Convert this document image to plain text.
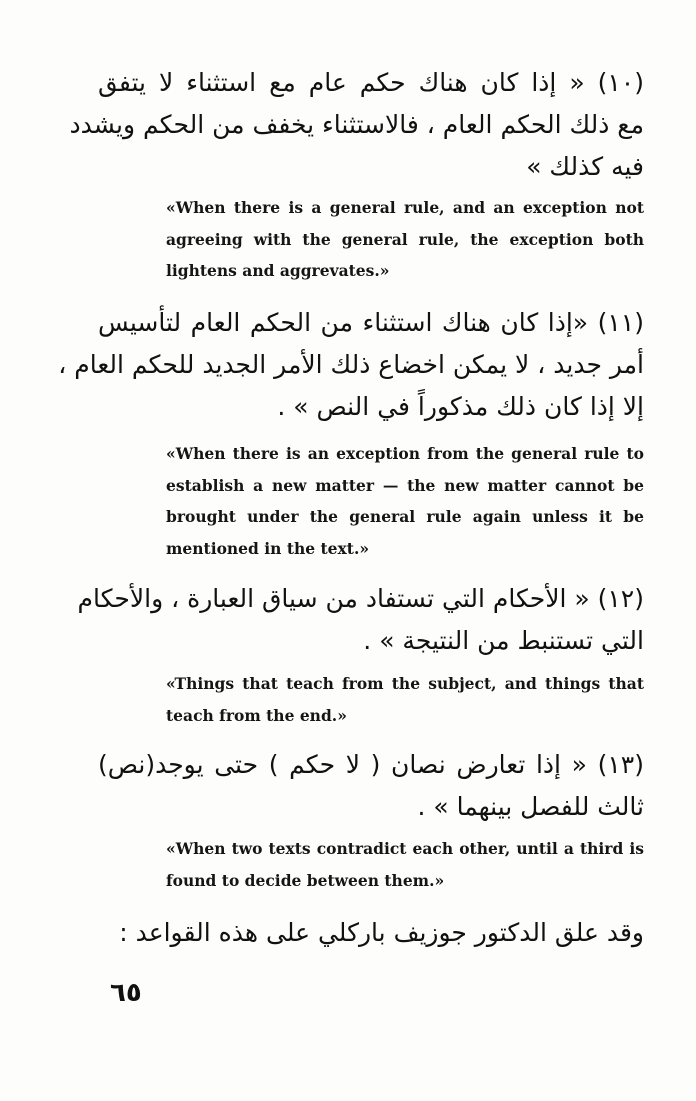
(١٠) « إذا كان هناك حكم عام مع استثناء لا يتفق
مع ذلك الحكم العام ، فالاستثناء يخفف من الحكم ويشدد
فيه كذلك »
«When there is a general rule, and an exception not agreeing with the general rule, the exception both lightens and aggrevates.»
(١١) «إذا كان هناك استثناء من الحكم العام لتأسيس
أمر جديد ، لا يمكن اخضاع ذلك الأمر الجديد للحكم العام ،
إلا إذا كان ذلك مذكوراً في النص » .
«When there is an exception from the general rule to establish a new matter — the new matter cannot be brought under the general rule again unless it be mentioned in the text.»
(١٢) « الأحكام التي تستفاد من سياق العبارة ، والأحكام
التي تستنبط من النتيجة » .
«Things that teach from the subject, and things that teach from the end.»
(١٣) « إذا تعارض نصان ( لا حكم ) حتى يوجد(نص)
ثالث للفصل بينهما » .
«When two texts contradict each other, until a third is found to decide between them.»
وقد علق الدكتور جوزيف باركلي على هذه القواعد :
٦٥
